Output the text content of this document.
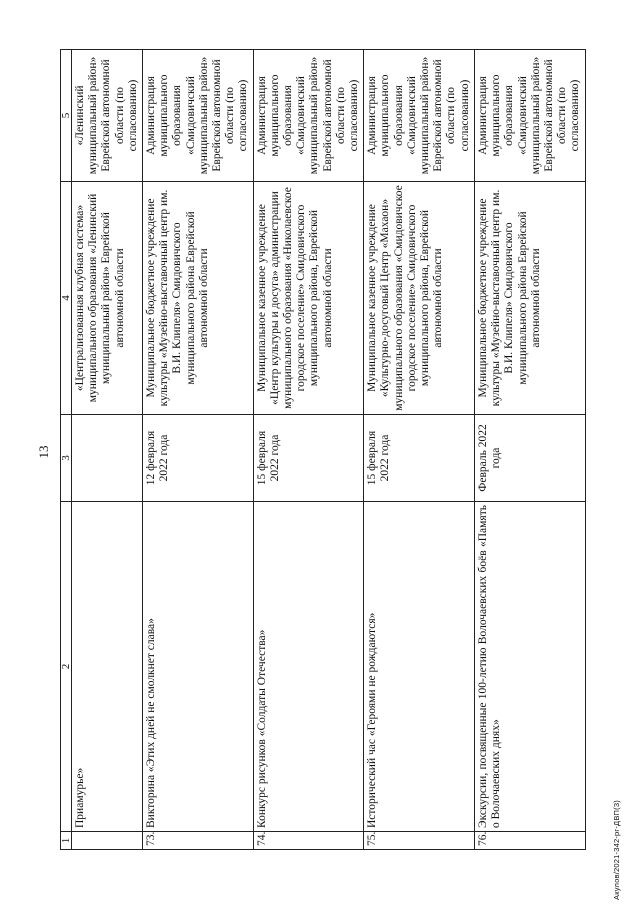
13
1	2	3	4	5
	Приамурье»		«Централизованная клубная система» муниципального образования «Ленинский муниципальный район» Еврейской автономной области	«Ленинский муниципальный район» Еврейской автономной области (по согласованию)
73.	Викторина «Этих дней не смолкнет слава»	12 февраля 2022 года	Муниципальное бюджетное учреждение культуры «Музейно-выставочный центр им. В.И. Клипеля» Смидовичского муниципального района Еврейской автономной области	Администрация муниципального образования «Смидовичский муниципальный район» Еврейской автономной области (по согласованию)
74.	Конкурс рисунков «Солдаты Отечества»	15 февраля 2022 года	Муниципальное казенное учреждение «Центр культуры и досуга» администрации муниципального образования «Николаевское городское поселение» Смидовичского муниципального района, Еврейской автономной области	Администрация муниципального образования «Смидовичский муниципальный район» Еврейской автономной области (по согласованию)
75.	Исторический час «Героями не рождаются»	15 февраля 2022 года	Муниципальное казенное учреждение «Культурно-досуговый Центр «Махаон» муниципального образования «Смидовичское городское поселение» Смидовичского муниципального района, Еврейской автономной области	Администрация муниципального образования «Смидовичский муниципальный район» Еврейской автономной области (по согласованию)
76.	Экскурсии, посвященные 100-летию Волочаевских боёв «Память о Волочаевских днях»	Февраль 2022 года	Муниципальное бюджетное учреждение культуры «Музейно-выставочный центр им. В.И. Клипеля» Смидовичского муниципального района Еврейской автономной области	Администрация муниципального образования «Смидовичский муниципальный район» Еврейской автономной области (по согласованию)
Акулов/2021-342-рг-ДВП(3)
